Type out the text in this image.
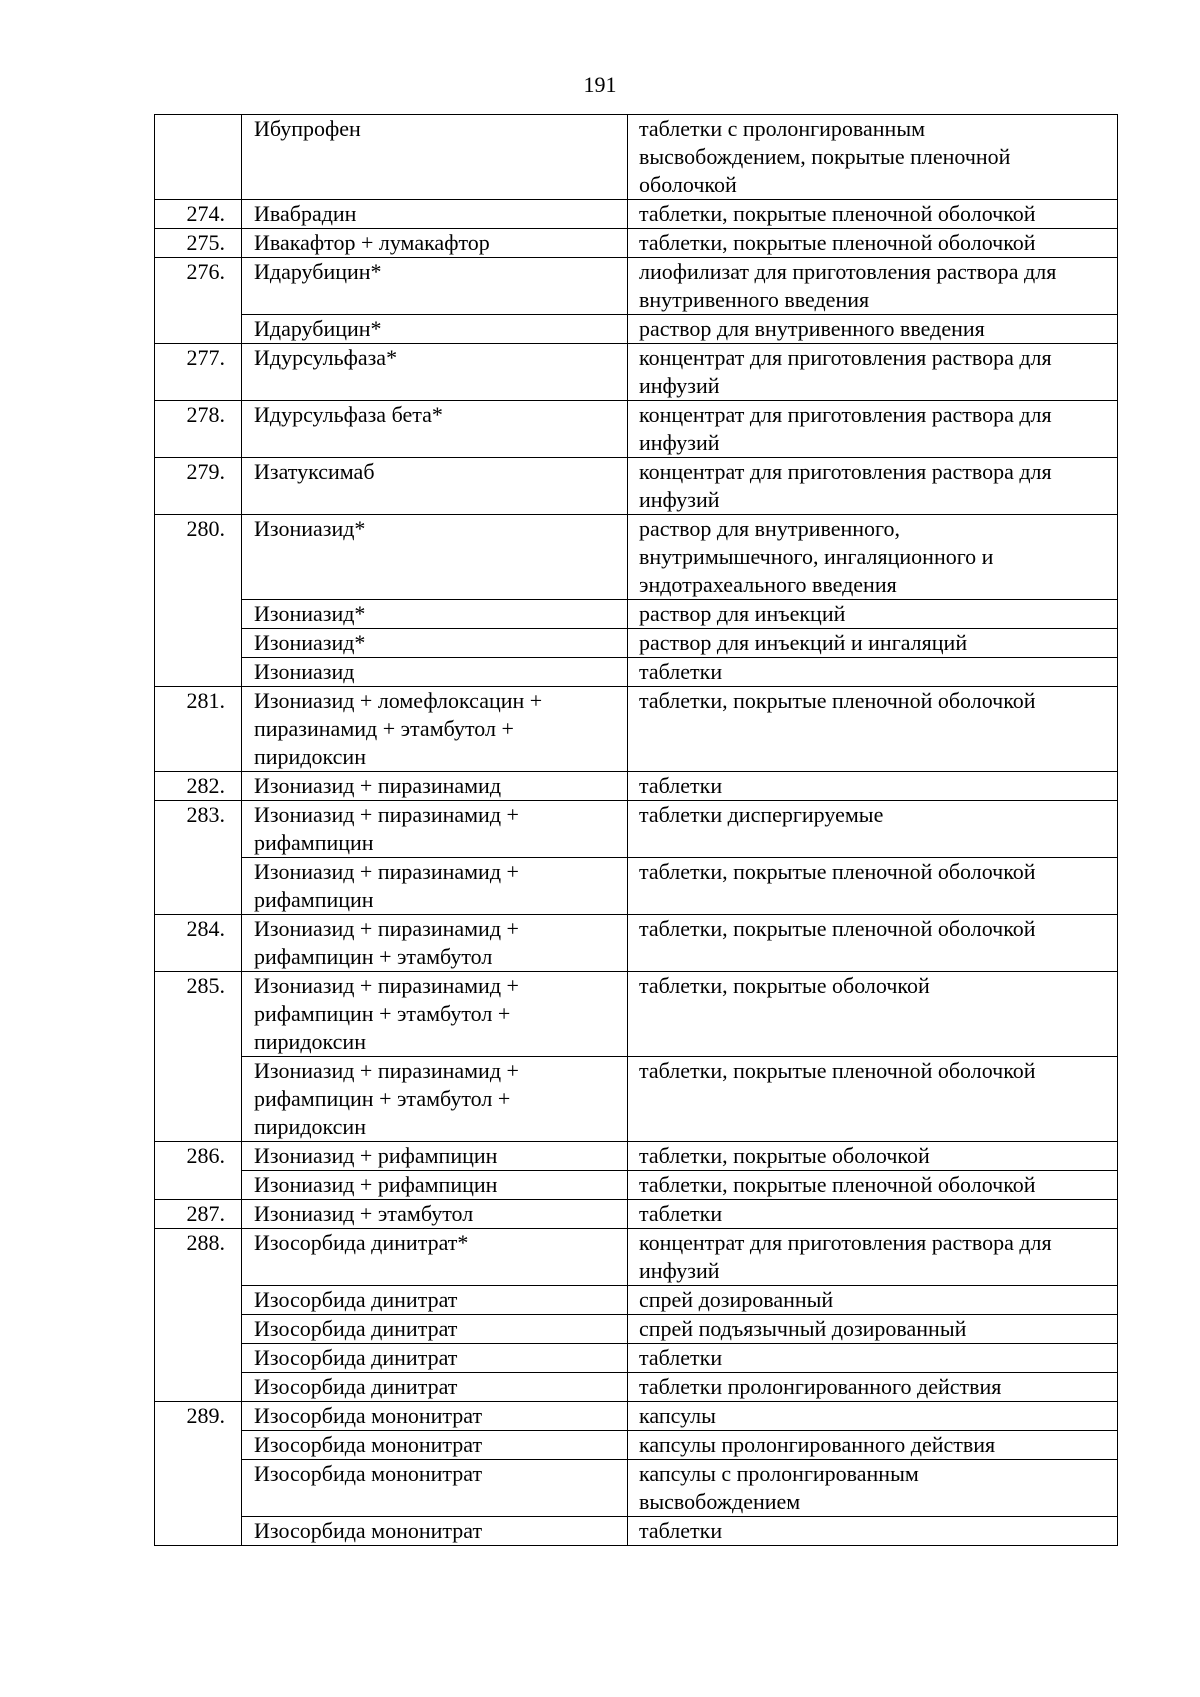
191

	Ибупрофен	таблетки с пролонгированным
высвобождением, покрытые пленочной
оболочкой

274.	Ивабрадин	таблетки, покрытые пленочной оболочкой

275.	Ивакафтор + лумакафтор	таблетки, покрытые пленочной оболочкой

276.	Идарубицин*	лиофилизат для приготовления раствора для
внутривенного введения

	Идарубицин*	раствор для внутривенного введения

277.	Идурсульфаза*	концентрат для приготовления раствора для
инфузий

278.	Идурсульфаза бета*	концентрат для приготовления раствора для
инфузий

279.	Изатуксимаб	концентрат для приготовления раствора для
инфузий

280.	Изониазид*	раствор для внутривенного,
внутримышечного, ингаляционного и
эндотрахеального введения

	Изониазид*	раствор для инъекций

	Изониазид*	раствор для инъекций и ингаляций

	Изониазид	таблетки

281.	Изониазид + ломефлоксацин +
пиразинамид + этамбутол +
пиридоксин	таблетки, покрытые пленочной оболочкой

282.	Изониазид + пиразинамид	таблетки

283.	Изониазид + пиразинамид +
рифампицин	таблетки диспергируемые

	Изониазид + пиразинамид +
рифампицин	таблетки, покрытые пленочной оболочкой

284.	Изониазид + пиразинамид +
рифампицин + этамбутол	таблетки, покрытые пленочной оболочкой

285.	Изониазид + пиразинамид +
рифампицин + этамбутол +
пиридоксин	таблетки, покрытые оболочкой

	Изониазид + пиразинамид +
рифампицин + этамбутол +
пиридоксин	таблетки, покрытые пленочной оболочкой

286.	Изониазид + рифампицин	таблетки, покрытые оболочкой

	Изониазид + рифампицин	таблетки, покрытые пленочной оболочкой

287.	Изониазид + этамбутол	таблетки

288.	Изосорбида динитрат*	концентрат для приготовления раствора для
инфузий

	Изосорбида динитрат	спрей дозированный

	Изосорбида динитрат	спрей подъязычный дозированный

	Изосорбида динитрат	таблетки

	Изосорбида динитрат	таблетки пролонгированного действия

289.	Изосорбида мононитрат	капсулы

	Изосорбида мононитрат	капсулы пролонгированного действия

	Изосорбида мононитрат	капсулы с пролонгированным
высвобождением

	Изосорбида мононитрат	таблетки
